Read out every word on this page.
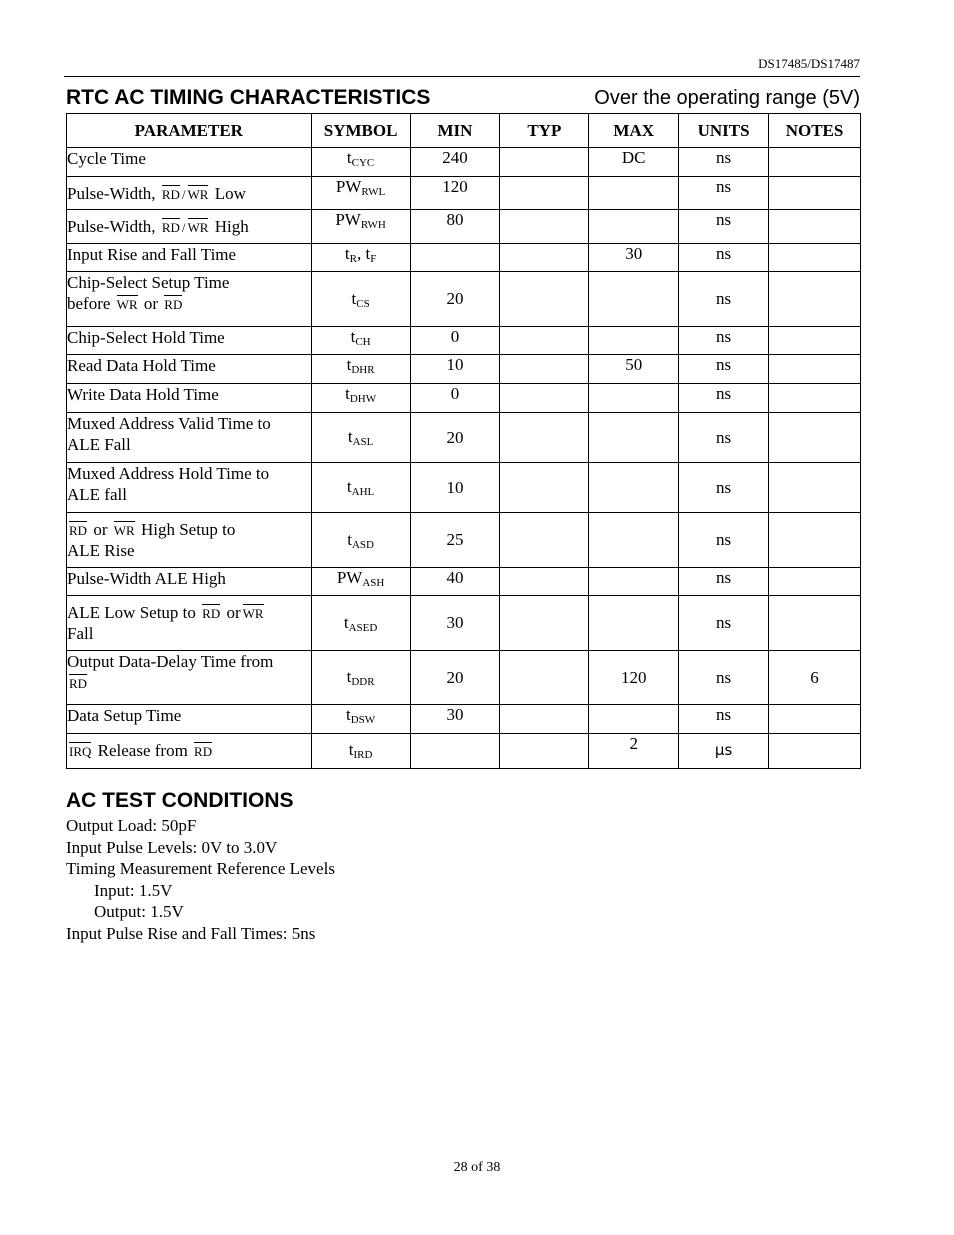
DS17485/DS17487
RTC AC TIMING CHARACTERISTICS	Over the operating range (5V)
PARAMETER	SYMBOL	MIN	TYP	MAX	UNITS	NOTES
Cycle Time	tCYC	240		DC	ns	
Pulse-Width, RD / WR Low	PWRWL	120			ns	
Pulse-Width, RD / WR High	PWRWH	80			ns	
Input Rise and Fall Time	tR, tF			30	ns	
Chip-Select Setup Time
before WR or RD	tCS	20			ns	
Chip-Select Hold Time	tCH	0			ns	
Read Data Hold Time	tDHR	10		50	ns	
Write Data Hold Time	tDHW	0			ns	
Muxed Address Valid Time to
ALE Fall	tASL	20			ns	
Muxed Address Hold Time to
ALE fall	tAHL	10			ns	
RD or WR High Setup to
ALE Rise	tASD	25			ns	
Pulse-Width ALE High	PWASH	40			ns	
ALE Low Setup to RD or WR
Fall	tASED	30			ns	
Output Data-Delay Time from
RD	tDDR	20		120	ns	6
Data Setup Time	tDSW	30			ns	
IRQ Release from RD	tIRD			2	µs	
AC TEST CONDITIONS
Output Load: 50pF
Input Pulse Levels: 0V to 3.0V
Timing Measurement Reference Levels
Input: 1.5V
Output: 1.5V
Input Pulse Rise and Fall Times: 5ns
28 of 38
